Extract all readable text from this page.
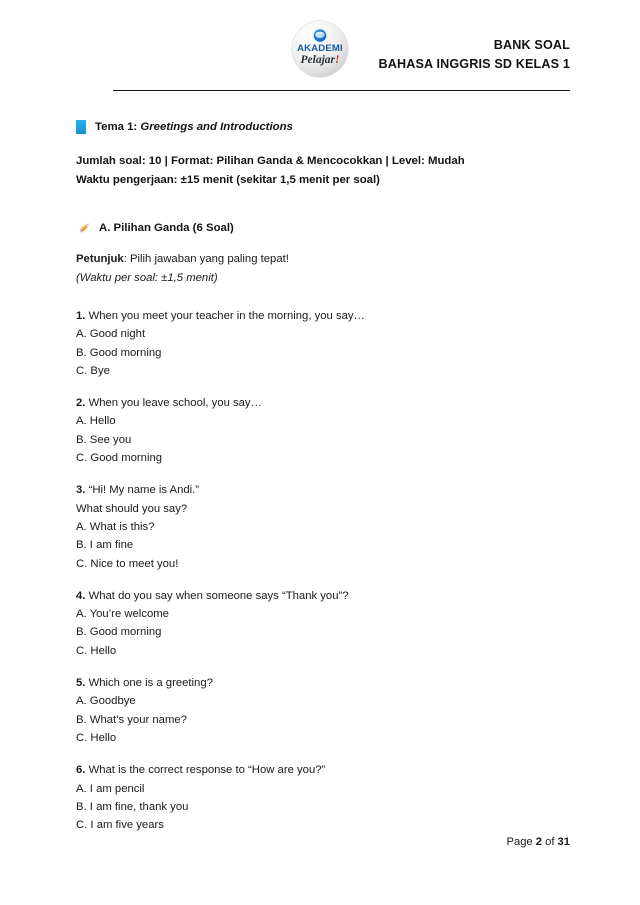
AKADEMI
Pelajar!
BANK SOAL
BAHASA INGGRIS SD KELAS 1
Tema 1: Greetings and Introductions
Jumlah soal: 10 | Format: Pilihan Ganda & Mencocokkan | Level: Mudah
Waktu pengerjaan: ±15 menit (sekitar 1,5 menit per soal)
A. Pilihan Ganda (6 Soal)
Petunjuk: Pilih jawaban yang paling tepat!
(Waktu per soal: ±1,5 menit)
1. When you meet your teacher in the morning, you say…
A. Good night
B. Good morning
C. Bye
2. When you leave school, you say…
A. Hello
B. See you
C. Good morning
3. “Hi! My name is Andi.”
What should you say?
A. What is this?
B. I am fine
C. Nice to meet you!
4. What do you say when someone says “Thank you”?
A. You’re welcome
B. Good morning
C. Hello
5. Which one is a greeting?
A. Goodbye
B. What’s your name?
C. Hello
6. What is the correct response to “How are you?”
A. I am pencil
B. I am fine, thank you
C. I am five years
Page 2 of 31
